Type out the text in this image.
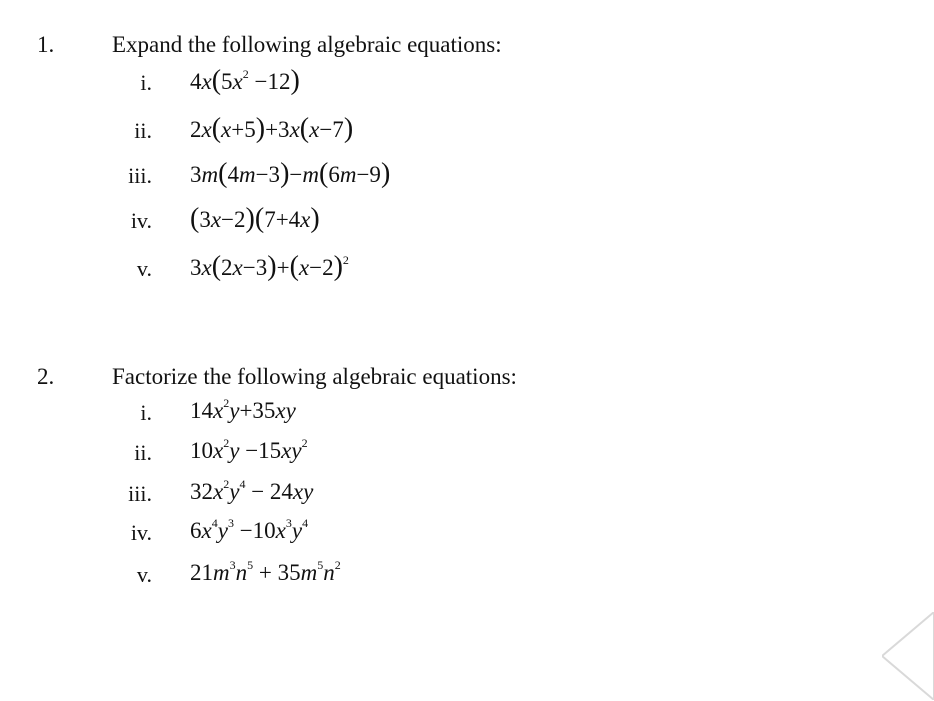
1.	Expand the following algebraic equations:
i. $4x(5x^2 -12)$
ii. 2x(x+5)+3x(x−7)
iii. 3m(4m−3)−m(6m−9)
iv. (3x−2)(7+4x)
v. $3x(2x-3)+(x-2)^2$
2.	Factorize the following algebraic equations:
i. $14x^2y+35xy$
ii. $10x^2y -15xy^2$
iii. $32x^2y^4 - 24xy$
iv. $6x^4y^3 -10x^3y^4$
v. $21m^3n^5 + 35m^5n^2$
